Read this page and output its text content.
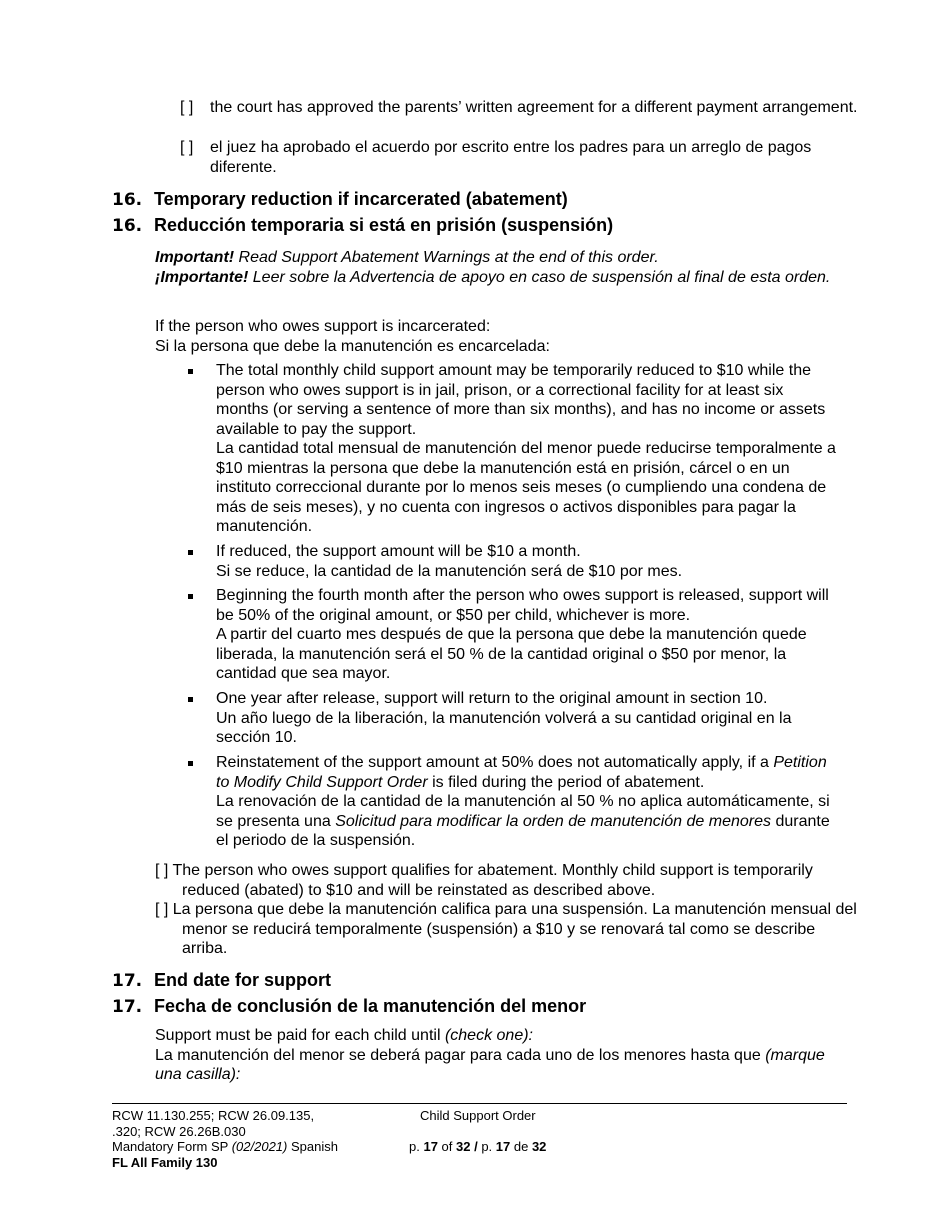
[ ] the court has approved the parents’ written agreement for a different payment arrangement.
[ ] el juez ha aprobado el acuerdo por escrito entre los padres para un arreglo de pagos diferente.
16. Temporary reduction if incarcerated (abatement)
16. Reducción temporaria si está en prisión (suspensión)
Important! Read Support Abatement Warnings at the end of this order.
¡Importante! Leer sobre la Advertencia de apoyo en caso de suspensión al final de esta orden.
If the person who owes support is incarcerated:
Si la persona que debe la manutención es encarcelada:
The total monthly child support amount may be temporarily reduced to $10 while the person who owes support is in jail, prison, or a correctional facility for at least six months (or serving a sentence of more than six months), and has no income or assets available to pay the support.
La cantidad total mensual de manutención del menor puede reducirse temporalmente a $10 mientras la persona que debe la manutención está en prisión, cárcel o en un instituto correccional durante por lo menos seis meses (o cumpliendo una condena de más de seis meses), y no cuenta con ingresos o activos disponibles para pagar la manutención.
If reduced, the support amount will be $10 a month.
Si se reduce, la cantidad de la manutención será de $10 por mes.
Beginning the fourth month after the person who owes support is released, support will be 50% of the original amount, or $50 per child, whichever is more.
A partir del cuarto mes después de que la persona que debe la manutención quede liberada, la manutención será el 50 % de la cantidad original o $50 por menor, la cantidad que sea mayor.
One year after release, support will return to the original amount in section 10.
Un año luego de la liberación, la manutención volverá a su cantidad original en la sección 10.
Reinstatement of the support amount at 50% does not automatically apply, if a Petition to Modify Child Support Order is filed during the period of abatement.
La renovación de la cantidad de la manutención al 50 % no aplica automáticamente, si se presenta una Solicitud para modificar la orden de manutención de menores durante el periodo de la suspensión.
[ ] The person who owes support qualifies for abatement. Monthly child support is temporarily reduced (abated) to $10 and will be reinstated as described above.
[ ] La persona que debe la manutención califica para una suspensión. La manutención mensual del menor se reducirá temporalmente (suspensión) a $10 y se renovará tal como se describe arriba.
17. End date for support
17. Fecha de conclusión de la manutención del menor
Support must be paid for each child until (check one):
La manutención del menor se deberá pagar para cada uno de los menores hasta que (marque una casilla):
RCW 11.130.255; RCW 26.09.135,
.320; RCW 26.26B.030
Mandatory Form SP (02/2021) Spanish
FL All Family 130
Child Support Order
p. 17 of 32 / p. 17 de 32
